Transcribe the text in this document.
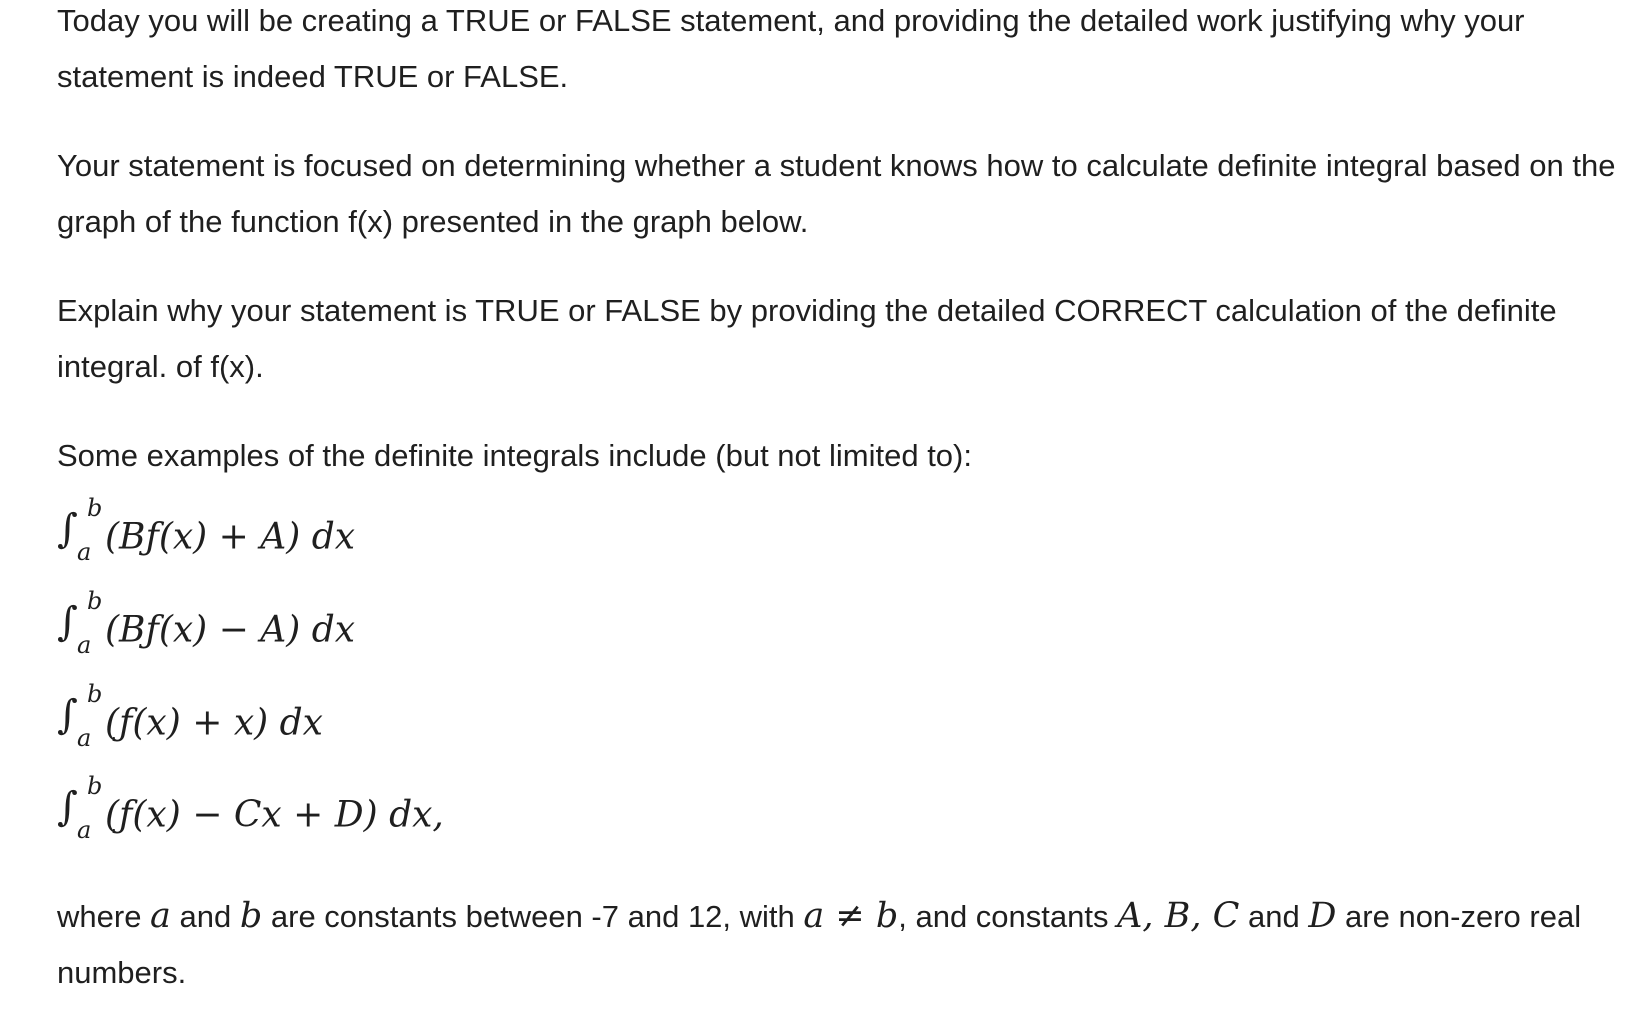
Today you will be creating a TRUE or FALSE statement, and providing the detailed work justifying why your statement is indeed TRUE or FALSE.

Your statement is focused on determining whether a student knows how to calculate definite integral based on the graph of the function f(x) presented in the graph below.

Explain why your statement is TRUE or FALSE by providing the detailed CORRECT calculation of the definite integral. of f(x).

Some examples of the definite integrals include (but not limited to):

∫ b
a (Bƒ(x) + A) dx
∫ b
a (Bƒ(x) − A) dx
∫ b
a (ƒ(x) + x) dx
∫ b
a (ƒ(x) − Cx + D) dx,

where a and b are constants between -7 and 12, with a ≠ b, and constants A, B, C and D are non-zero real numbers.
